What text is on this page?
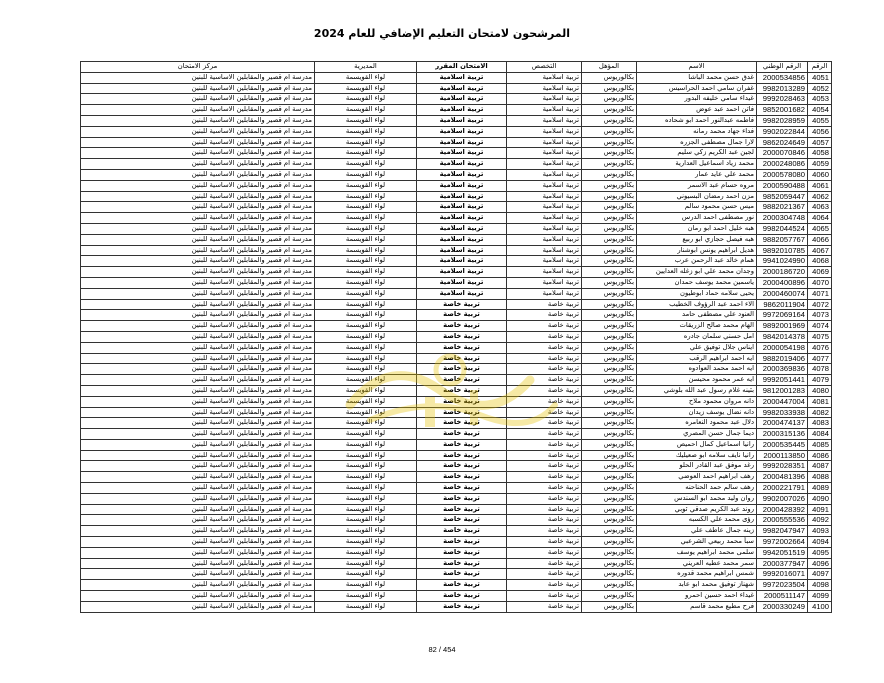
المرشحون لامتحان التعليم الإضافي للعام 2024
الرقم	الرقم الوطني	الاسم	المؤهل	التخصص	الامتحان المقرر	المديرية	مركز الامتحان
4051	2000534856	غدق حسن محمد الباشا	بكالوريوس	تربية اسلامية	تربية اسلامية	لواء القويسمة	مدرسة ام قصير والمقابلين الاساسية للبنين
4052	9982013289	غفران سامي احمد الحراسيس	بكالوريوس	تربية اسلامية	تربية اسلامية	لواء القويسمة	مدرسة ام قصير والمقابلين الاساسية للبنين
4053	9992028463	غيداء سامي خليفه البدور	بكالوريوس	تربية اسلامية	تربية اسلامية	لواء القويسمة	مدرسة ام قصير والمقابلين الاساسية للبنين
4054	9852001682	فاتن احمد عبد عوض	بكالوريوس	تربية اسلامية	تربية اسلامية	لواء القويسمة	مدرسة ام قصير والمقابلين الاساسية للبنين
4055	9982028959	فاطمه عبدالنور احمد ابو شحاده	بكالوريوس	تربية اسلامية	تربية اسلامية	لواء القويسمة	مدرسة ام قصير والمقابلين الاساسية للبنين
4056	9902022844	فداء جهاد محمد رمانه	بكالوريوس	تربية اسلامية	تربية اسلامية	لواء القويسمة	مدرسة ام قصير والمقابلين الاساسية للبنين
4057	9862024649	لارا جمال مصطفى الجزره	بكالوريوس	تربية اسلامية	تربية اسلامية	لواء القويسمة	مدرسة ام قصير والمقابلين الاساسية للبنين
4058	2000070846	لجين عبد الكريم زكي سليم	بكالوريوس	تربية اسلامية	تربية اسلامية	لواء القويسمة	مدرسة ام قصير والمقابلين الاساسية للبنين
4059	2000248086	محمد زياد اسماعيل العدارية	بكالوريوس	تربية اسلامية	تربية اسلامية	لواء القويسمة	مدرسة ام قصير والمقابلين الاساسية للبنين
4060	2000578080	محمد علي عايد عمار	بكالوريوس	تربية اسلامية	تربية اسلامية	لواء القويسمة	مدرسة ام قصير والمقابلين الاساسية للبنين
4061	2000590488	مروه حسام عبد الاسمر	بكالوريوس	تربية اسلامية	تربية اسلامية	لواء القويسمة	مدرسة ام قصير والمقابلين الاساسية للبنين
4062	9852059447	مزن احمد رمضان البسيوني	بكالوريوس	تربية اسلامية	تربية اسلامية	لواء القويسمة	مدرسة ام قصير والمقابلين الاساسية للبنين
4063	9882021367	ميس حسن محمود سالم	بكالوريوس	تربية اسلامية	تربية اسلامية	لواء القويسمة	مدرسة ام قصير والمقابلين الاساسية للبنين
4064	2000304748	نور مصطفى احمد الدرس	بكالوريوس	تربية اسلامية	تربية اسلامية	لواء القويسمة	مدرسة ام قصير والمقابلين الاساسية للبنين
4065	9982044524	هبه خليل احمد ابو رمان	بكالوريوس	تربية اسلامية	تربية اسلامية	لواء القويسمة	مدرسة ام قصير والمقابلين الاساسية للبنين
4066	9882057767	هبه فيصل حجازي ابو ربيع	بكالوريوس	تربية اسلامية	تربية اسلامية	لواء القويسمة	مدرسة ام قصير والمقابلين الاساسية للبنين
4067	9892010785	هديل ابراهيم يونس ابوشنار	بكالوريوس	تربية اسلامية	تربية اسلامية	لواء القويسمة	مدرسة ام قصير والمقابلين الاساسية للبنين
4068	9941024990	همام خالد عبد الرحمن عرب	بكالوريوس	تربية اسلامية	تربية اسلامية	لواء القويسمة	مدرسة ام قصير والمقابلين الاساسية للبنين
4069	2000186720	وجدان محمد علي ابو زغله العدايين	بكالوريوس	تربية اسلامية	تربية اسلامية	لواء القويسمة	مدرسة ام قصير والمقابلين الاساسية للبنين
4070	2000400896	ياسمين محمد يوسف حمدان	بكالوريوس	تربية اسلامية	تربية اسلامية	لواء القويسمة	مدرسة ام قصير والمقابلين الاساسية للبنين
4071	2000460074	يحيى سلامه حماد ابوطيون	بكالوريوس	تربية اسلامية	تربية اسلامية	لواء القويسمة	مدرسة ام قصير والمقابلين الاساسية للبنين
4072	9862011904	الاء احمد عبد الرؤوف الخطيب	بكالوريوس	تربية خاصة	تربية خاصة	لواء القويسمة	مدرسة ام قصير والمقابلين الاساسية للبنين
4073	9972069164	العنود علي مصطفى حامد	بكالوريوس	تربية خاصة	تربية خاصة	لواء القويسمة	مدرسة ام قصير والمقابلين الاساسية للبنين
4074	9892001969	الهام محمد صالح الزريقات	بكالوريوس	تربية خاصة	تربية خاصة	لواء القويسمة	مدرسة ام قصير والمقابلين الاساسية للبنين
4075	9842014378	امل حسني سلمان جادره	بكالوريوس	تربية خاصة	تربية خاصة	لواء القويسمة	مدرسة ام قصير والمقابلين الاساسية للبنين
4076	2000054198	ايناس جلال توفيق علي	بكالوريوس	تربية خاصة	تربية خاصة	لواء القويسمة	مدرسة ام قصير والمقابلين الاساسية للبنين
4077	9882019406	ايه احمد ابراهيم الرقب	بكالوريوس	تربية خاصة	تربية خاصة	لواء القويسمة	مدرسة ام قصير والمقابلين الاساسية للبنين
4078	2000369836	ايه احمد محمد العوادوه	بكالوريوس	تربية خاصة	تربية خاصة	لواء القويسمة	مدرسة ام قصير والمقابلين الاساسية للبنين
4079	9992051441	ايه عمر محمود محيسن	بكالوريوس	تربية خاصة	تربية خاصة	لواء القويسمة	مدرسة ام قصير والمقابلين الاساسية للبنين
4080	9812001283	بثينه غلام رسول عبد الله بلوشي	بكالوريوس	تربية خاصة	تربية خاصة	لواء القويسمة	مدرسة ام قصير والمقابلين الاساسية للبنين
4081	2000447004	دانه مروان محمود ملاح	بكالوريوس	تربية خاصة	تربية خاصة	لواء القويسمة	مدرسة ام قصير والمقابلين الاساسية للبنين
4082	9982033938	دانه نضال يوسف زيدان	بكالوريوس	تربية خاصة	تربية خاصة	لواء القويسمة	مدرسة ام قصير والمقابلين الاساسية للبنين
4083	2000474137	دلال عبد محمود النعامره	بكالوريوس	تربية خاصة	تربية خاصة	لواء القويسمة	مدرسة ام قصير والمقابلين الاساسية للبنين
4084	2000315136	ديما جمال حسن المصري	بكالوريوس	تربية خاصة	تربية خاصة	لواء القويسمة	مدرسة ام قصير والمقابلين الاساسية للبنين
4085	2000535445	رانيا اسماعيل كمال احميص	بكالوريوس	تربية خاصة	تربية خاصة	لواء القويسمة	مدرسة ام قصير والمقابلين الاساسية للبنين
4086	2000113850	رانيا نايف سلامه ابو صعيليك	بكالوريوس	تربية خاصة	تربية خاصة	لواء القويسمة	مدرسة ام قصير والمقابلين الاساسية للبنين
4087	9992028351	رغد موفق عبد القادر الحلو	بكالوريوس	تربية خاصة	تربية خاصة	لواء القويسمة	مدرسة ام قصير والمقابلين الاساسية للبنين
4088	2000481396	رهف ابراهيم احمد العوضي	بكالوريوس	تربية خاصة	تربية خاصة	لواء القويسمة	مدرسة ام قصير والمقابلين الاساسية للبنين
4089	2000221791	رهف سالم حمد الحناحنه	بكالوريوس	تربية خاصة	تربية خاصة	لواء القويسمة	مدرسة ام قصير والمقابلين الاساسية للبنين
4090	9902007026	روان وليد محمد ابو السندس	بكالوريوس	تربية خاصة	تربية خاصة	لواء القويسمة	مدرسة ام قصير والمقابلين الاساسية للبنين
4091	2000428392	روند عبد الكريم صدقي ثوبي	بكالوريوس	تربية خاصة	تربية خاصة	لواء القويسمة	مدرسة ام قصير والمقابلين الاساسية للبنين
4092	2000555536	رؤى محمد علي الكسبه	بكالوريوس	تربية خاصة	تربية خاصة	لواء القويسمة	مدرسة ام قصير والمقابلين الاساسية للبنين
4093	9982047947	زينه جمال عاطف علي	بكالوريوس	تربية خاصة	تربية خاصة	لواء القويسمة	مدرسة ام قصير والمقابلين الاساسية للبنين
4094	9972002664	سبأ محمد ربيعي الشرعبي	بكالوريوس	تربية خاصة	تربية خاصة	لواء القويسمة	مدرسة ام قصير والمقابلين الاساسية للبنين
4095	9942051519	سلمى محمد ابراهيم يوسف	بكالوريوس	تربية خاصة	تربية خاصة	لواء القويسمة	مدرسة ام قصير والمقابلين الاساسية للبنين
4096	2000377947	سمر محمد عطيه العريني	بكالوريوس	تربية خاصة	تربية خاصة	لواء القويسمة	مدرسة ام قصير والمقابلين الاساسية للبنين
4097	9992016071	شمس ابراهيم محمد قدوره	بكالوريوس	تربية خاصة	تربية خاصة	لواء القويسمة	مدرسة ام قصير والمقابلين الاساسية للبنين
4098	9972023504	شهناز توفيق محمد ابو عابد	بكالوريوس	تربية خاصة	تربية خاصة	لواء القويسمة	مدرسة ام قصير والمقابلين الاساسية للبنين
4099	2000511147	غيداء احمد حسين احمرو	بكالوريوس	تربية خاصة	تربية خاصة	لواء القويسمة	مدرسة ام قصير والمقابلين الاساسية للبنين
4100	2000330249	فرح مطيع محمد قاسم	بكالوريوس	تربية خاصة	تربية خاصة	لواء القويسمة	مدرسة ام قصير والمقابلين الاساسية للبنين
82 / 454
